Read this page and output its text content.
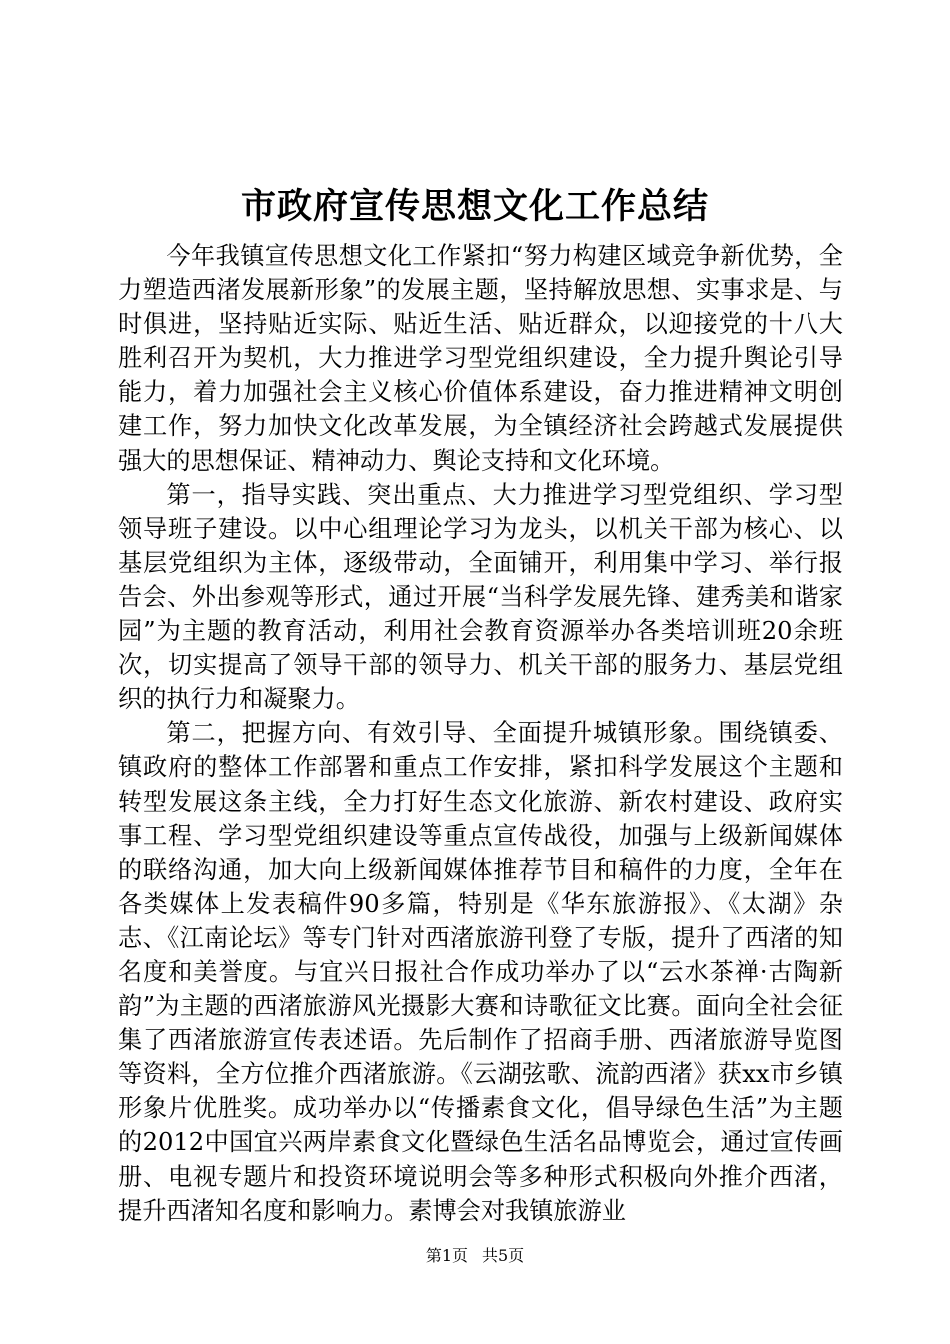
市政府宣传思想文化工作总结

今年我镇宣传思想文化工作紧扣“努力构建区域竞争新优势，全力塑造西渚发展新形象”的发展主题，坚持解放思想、实事求是、与时俱进，坚持贴近实际、贴近生活、贴近群众，以迎接党的十八大胜利召开为契机，大力推进学习型党组织建设，全力提升舆论引导能力，着力加强社会主义核心价值体系建设，奋力推进精神文明创建工作，努力加快文化改革发展，为全镇经济社会跨越式发展提供强大的思想保证、精神动力、舆论支持和文化环境。

第一，指导实践、突出重点、大力推进学习型党组织、学习型领导班子建设。以中心组理论学习为龙头，以机关干部为核心、以基层党组织为主体，逐级带动，全面铺开，利用集中学习、举行报告会、外出参观等形式，通过开展“当科学发展先锋、建秀美和谐家园”为主题的教育活动，利用社会教育资源举办各类培训班20余班次，切实提高了领导干部的领导力、机关干部的服务力、基层党组织的执行力和凝聚力。

第二，把握方向、有效引导、全面提升城镇形象。围绕镇委、镇政府的整体工作部署和重点工作安排，紧扣科学发展这个主题和转型发展这条主线，全力打好生态文化旅游、新农村建设、政府实事工程、学习型党组织建设等重点宣传战役，加强与上级新闻媒体的联络沟通，加大向上级新闻媒体推荐节目和稿件的力度，全年在各类媒体上发表稿件90多篇，特别是《华东旅游报》、《太湖》杂志、《江南论坛》等专门针对西渚旅游刊登了专版，提升了西渚的知名度和美誉度。与宜兴日报社合作成功举办了以“云水茶禅·古陶新韵”为主题的西渚旅游风光摄影大赛和诗歌征文比赛。面向全社会征集了西渚旅游宣传表述语。先后制作了招商手册、西渚旅游导览图等资料，全方位推介西渚旅游。《云湖弦歌、流韵西渚》获xx市乡镇形象片优胜奖。成功举办以“传播素食文化，倡导绿色生活”为主题的2012中国宜兴两岸素食文化暨绿色生活名品博览会，通过宣传画册、电视专题片和投资环境说明会等多种形式积极向外推介西渚，提升西渚知名度和影响力。素博会对我镇旅游业

第1页 共5页
